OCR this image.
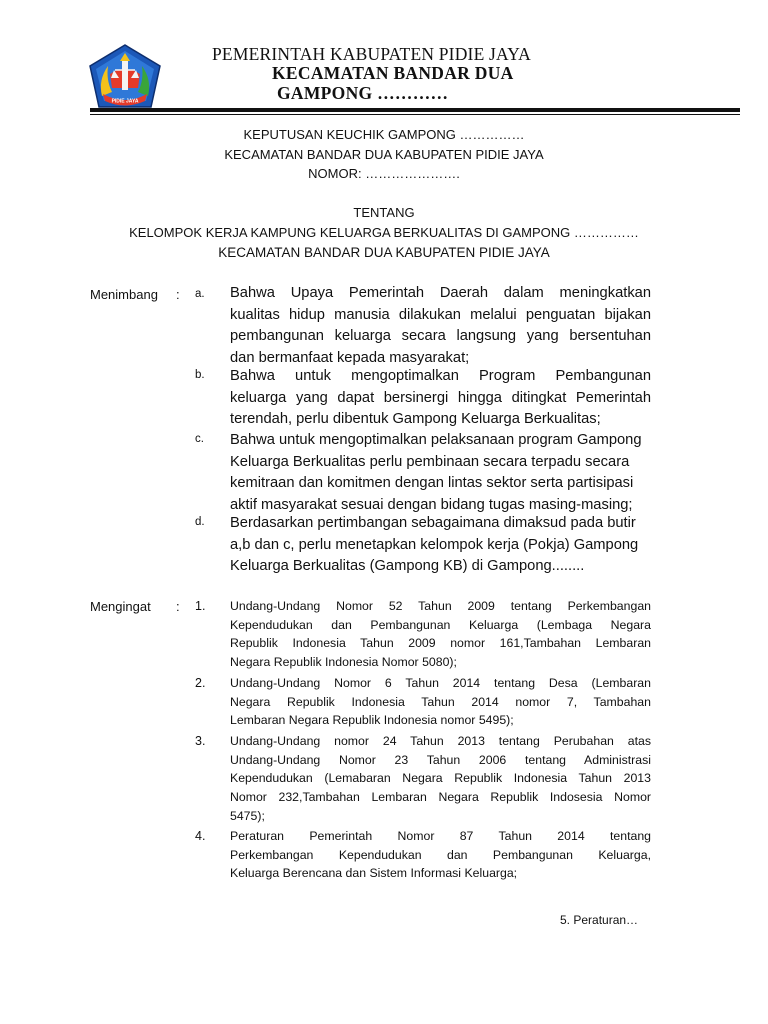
PIDIE JAYA
PEMERINTAH KABUPATEN PIDIE JAYA
KECAMATAN BANDAR DUA
GAMPONG …………
KEPUTUSAN KEUCHIK GAMPONG ……………
KECAMATAN BANDAR DUA KABUPATEN PIDIE JAYA
NOMOR: ………………….
TENTANG
KELOMPOK KERJA KAMPUNG KELUARGA BERKUALITAS DI GAMPONG ……………
KECAMATAN BANDAR DUA KABUPATEN PIDIE JAYA
Menimbang : a. Bahwa Upaya Pemerintah Daerah dalam meningkatkan
kualitas hidup manusia dilakukan melalui penguatan bijakan
pembangunan keluarga secara langsung yang bersentuhan
dan bermanfaat kepada masyarakat;
b. Bahwa untuk mengoptimalkan Program Pembangunan
keluarga yang dapat bersinergi hingga ditingkat Pemerintah
terendah, perlu dibentuk Gampong Keluarga Berkualitas;
c. Bahwa untuk mengoptimalkan pelaksanaan program Gampong
Keluarga Berkualitas perlu pembinaan secara terpadu secara
kemitraan dan komitmen dengan lintas sektor serta partisipasi
aktif masyarakat sesuai dengan bidang tugas masing-masing;
d. Berdasarkan pertimbangan sebagaimana dimaksud pada butir
a,b dan c, perlu menetapkan kelompok kerja (Pokja) Gampong
Keluarga Berkualitas (Gampong KB) di Gampong........
Mengingat : 1. Undang-Undang Nomor 52 Tahun 2009 tentang Perkembangan
Kependudukan dan Pembangunan Keluarga (Lembaga Negara
Republik Indonesia Tahun 2009 nomor 161,Tambahan Lembaran
Negara Republik Indonesia Nomor 5080);
2. Undang-Undang Nomor 6 Tahun 2014 tentang Desa (Lembaran
Negara Republik Indonesia Tahun 2014 nomor 7, Tambahan
Lembaran Negara Republik Indonesia nomor 5495);
3. Undang-Undang nomor 24 Tahun 2013 tentang Perubahan atas
Undang-Undang Nomor 23 Tahun 2006 tentang Administrasi
Kependudukan (Lemabaran Negara Republik Indonesia Tahun 2013
Nomor 232,Tambahan Lembaran Negara Republik Indosesia Nomor
5475);
4. Peraturan Pemerintah Nomor 87 Tahun 2014 tentang
Perkembangan Kependudukan dan Pembangunan Keluarga,
Keluarga Berencana dan Sistem Informasi Keluarga;
5. Peraturan…
